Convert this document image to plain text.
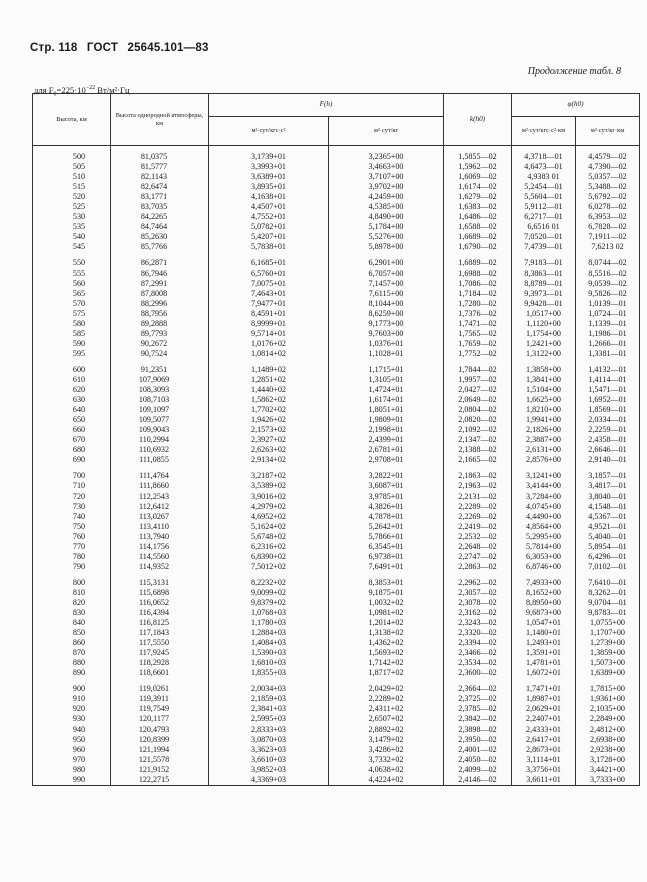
Стр. 118 ГОСТ 25645.101—83
Продолжение табл. 8
для $F_0=225\cdot 10^{-22}$ Вт/м²·Гц
Высота, км	Высота однородной атмосферы, км	F(h)		k(h0)	φ(h0)	
		м²·сут/кгс·с²	м²·сут/кг		м²·сут/кгс·с²·км	м²·сут/кг·км

500	81,0375	3,1739+01	3,2365+00	1,5855—02	4,3718—01	4,4579—02
505	81,5777	3,3993+01	3,4663+00	1,5962—02	4,6473—01	4,7390—02
510	82,1143	3,6389+01	3,7107+00	1,6069—02	4,9383 01	5,0357—02
515	82,6474	3,8935+01	3,9702+00	1,6174—02	5,2454—01	5,3488—02
520	83,1771	4,1638+01	4,2459+00	1,6279—02	5,5604—01	5,6792—02
525	83,7035	4,4507+01	4,5385+00	1,6383—02	5,9112—01	6,0278—02
530	84,2265	4,7552+01	4,8490+00	1,6486—02	6,2717—01	6,3953—02
535	84,7464	5,0782+01	5,1784+00	1,6588—02	6,6516 01	6,7828—02
540	85,2630	5,4207+01	5,5276+00	1,6689—02	7,0520—01	7,1911—02
545	85,7766	5,7838+01	5,8978+00	1,6790—02	7,4739—01	7,6213 02

550	86,2871	6,1685+01	6,2901+00	1,6889—02	7,9183—01	8,0744—02
555	86,7946	6,5760+01	6,7057+00	1,6988—02	8,3863—01	8,5516—02
560	87,2991	7,0075+01	7,1457+00	1,7086—02	8,8789—01	9,0539—02
565	87,8008	7,4643+01	7,6115+00	1,7184—02	9,3973—01	9,5826—02
570	88,2996	7,9477+01	8,1044+00	1,7280—02	9,9428—01	1,0139—01
575	88,7956	8,4591+01	8,6259+00	1,7376—02	1,0517+00	1,0724—01
580	89,2888	8,9999+01	9,1773+00	1,7471—02	1,1120+00	1,1339—01
585	89,7793	9,5714+01	9,7603+00	1,7565—02	1,1754+00	1,1986—01
590	90,2672	1,0176+02	1,0376+01	1,7659—02	1,2421+00	1,2666—01
595	90,7524	1,0814+02	1,1028+01	1,7752—02	1,3122+00	1,3381—01

600	91,2351	1,1489+02	1,1715+01	1,7844—02	1,3858+00	1,4132—01
610	107,9069	1,2851+02	1,3105+01	1,9957—02	1,3841+00	1,4114—01
620	108,3093	1,4440+02	1,4724+01	2,0427—02	1,5104+00	1,5471—01
630	108,7103	1,5862+02	1,6174+01	2,0649—02	1,6625+00	1,6952—01
640	109,1097	1,7702+02	1,8051+01	2,0804—02	1,8210+00	1,8569—01
650	109,5077	1,9426+02	1,9809+01	2,0820—02	1,9941+00	2,0334—01
660	109,9043	2,1573+02	2,1998+01	2,1092—02	2,1826+00	2,2259—01
670	110,2994	2,3927+02	2,4399+01	2,1347—02	2,3887+00	2,4358—01
680	110,6932	2,6263+02	2,6781+01	2,1388—02	2,6131+00	2,6646—01
690	111,0855	2,9134+02	2,9708+01	2,1665—02	2,8576+00	2,9140—01

700	111,4764	3,2187+02	3,2822+01	2,1863—02	3,1241+00	3,1857—01
710	111,8660	3,5389+02	3,6087+01	2,1963—02	3,4144+00	3,4817—01
720	112,2543	3,9016+02	3,9785+01	2,2131—02	3,7284+00	3,8040—01
730	112,6412	4,2979+02	4,3826+01	2,2289—02	4,0745+00	4,1548—01
740	113,0267	4,6952+02	4,7878+01	2,2269—02	4,4490+00	4,5367—01
750	113,4110	5,1624+02	5,2642+01	2,2419—02	4,8564+00	4,9521—01
760	113,7940	5,6748+02	5,7866+01	2,2532—02	5,2995+00	5,4040—01
770	114,1756	6,2316+02	6,3545+01	2,2648—02	5,7814+00	5,8954—01
780	114,5560	6,8390+02	6,9738+01	2,2747—02	6,3053+00	6,4296—01
790	114,9352	7,5012+02	7,6491+01	2,2863—02	6,8746+00	7,0102—01

800	115,3131	8,2232+02	8,3853+01	2,2962—02	7,4933+00	7,6410—01
810	115,6898	9,0099+02	9,1875+01	2,3057—02	8,1652+00	8,3262—01
820	116,0652	9,8379+02	1,0032+02	2,3078—02	8,8950+00	9,0704—01
830	116,4394	1,0768+03	1,0981+02	2,3162—02	9,6873+00	9,8783—01
840	116,8125	1,1780+03	1,2014+02	2,3243—02	1,0547+01	1,0755+00
850	117,1843	1,2884+03	1,3138+02	2,3320—02	1,1480+01	1,1707+00
860	117,5550	1,4084+03	1,4362+02	2,3394—02	1,2493+01	1,2739+00
870	117,9245	1,5390+03	1,5693+02	2,3466—02	1,3591+01	1,3859+00
880	118,2928	1,6810+03	1,7142+02	2,3534—02	1,4781+01	1,5073+00
890	118,6601	1,8355+03	1,8717+02	2,3600—02	1,6072+01	1,6389+00

900	119,0261	2,0034+03	2,0429+02	2,3664—02	1,7471+01	1,7815+00
910	119,3911	2,1859+03	2,2289+02	2,3725—02	1,8987+01	1,9361+00
920	119,7549	2,3841+03	2,4311+02	2,3785—02	2,0629+01	2,1035+00
930	120,1177	2,5995+03	2,6507+02	2,3842—02	2,2407+01	2,2849+00
940	120,4793	2,8333+03	2,8892+02	2,3898—02	2,4333+01	2,4812+00
950	120,8399	3,0870+03	3,1479+02	2,3950—02	2,6417+01	2,6938+00
960	121,1994	3,3623+03	3,4286+02	2,4001—02	2,8673+01	2,9238+00
970	121,5578	3,6610+03	3,7332+02	2,4050—02	3,1114+01	3,1728+00
980	121,9152	3,9852+03	4,0638+02	2,4099—02	3,3756+01	3,4421+00
990	122,2715	4,3369+03	4,4224+02	2,4146—02	3,6611+01	3,7333+00
